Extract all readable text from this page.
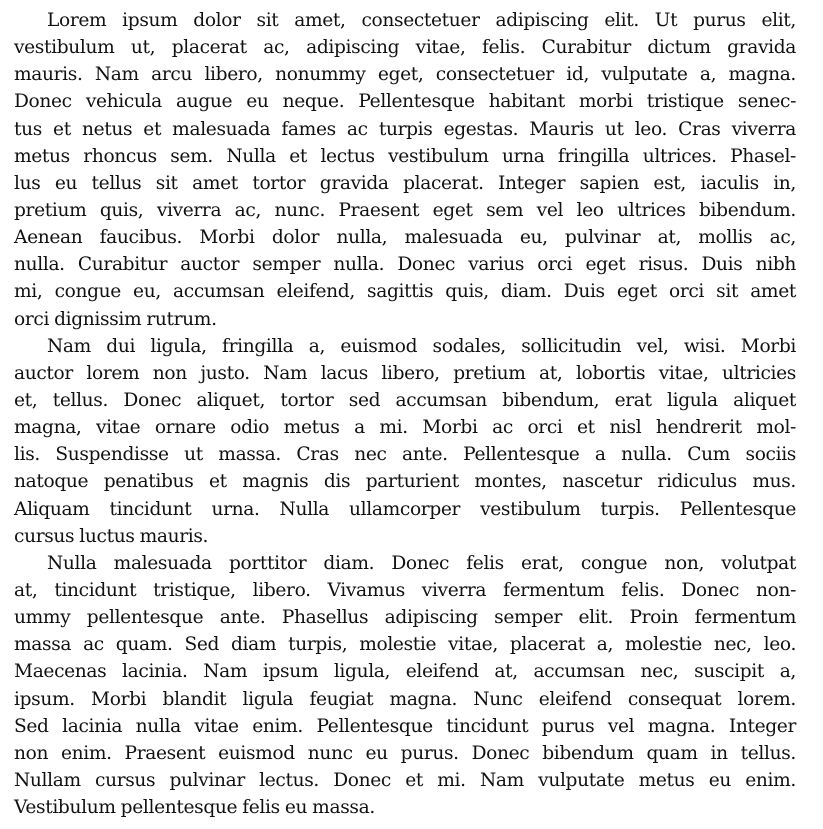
Lorem ipsum dolor sit amet, consectetuer adipiscing elit. Ut purus elit,
vestibulum ut, placerat ac, adipiscing vitae, felis. Curabitur dictum gravida
mauris. Nam arcu libero, nonummy eget, consectetuer id, vulputate a, magna.
Donec vehicula augue eu neque. Pellentesque habitant morbi tristique senec-
tus et netus et malesuada fames ac turpis egestas. Mauris ut leo. Cras viverra
metus rhoncus sem. Nulla et lectus vestibulum urna fringilla ultrices. Phasel-
lus eu tellus sit amet tortor gravida placerat. Integer sapien est, iaculis in,
pretium quis, viverra ac, nunc. Praesent eget sem vel leo ultrices bibendum.
Aenean faucibus. Morbi dolor nulla, malesuada eu, pulvinar at, mollis ac,
nulla. Curabitur auctor semper nulla. Donec varius orci eget risus. Duis nibh
mi, congue eu, accumsan eleifend, sagittis quis, diam. Duis eget orci sit amet
orci dignissim rutrum.
Nam dui ligula, fringilla a, euismod sodales, sollicitudin vel, wisi. Morbi
auctor lorem non justo. Nam lacus libero, pretium at, lobortis vitae, ultricies
et, tellus. Donec aliquet, tortor sed accumsan bibendum, erat ligula aliquet
magna, vitae ornare odio metus a mi. Morbi ac orci et nisl hendrerit mol-
lis. Suspendisse ut massa. Cras nec ante. Pellentesque a nulla. Cum sociis
natoque penatibus et magnis dis parturient montes, nascetur ridiculus mus.
Aliquam tincidunt urna. Nulla ullamcorper vestibulum turpis. Pellentesque
cursus luctus mauris.
Nulla malesuada porttitor diam. Donec felis erat, congue non, volutpat
at, tincidunt tristique, libero. Vivamus viverra fermentum felis. Donec non-
ummy pellentesque ante. Phasellus adipiscing semper elit. Proin fermentum
massa ac quam. Sed diam turpis, molestie vitae, placerat a, molestie nec, leo.
Maecenas lacinia. Nam ipsum ligula, eleifend at, accumsan nec, suscipit a,
ipsum. Morbi blandit ligula feugiat magna. Nunc eleifend consequat lorem.
Sed lacinia nulla vitae enim. Pellentesque tincidunt purus vel magna. Integer
non enim. Praesent euismod nunc eu purus. Donec bibendum quam in tellus.
Nullam cursus pulvinar lectus. Donec et mi. Nam vulputate metus eu enim.
Vestibulum pellentesque felis eu massa.
